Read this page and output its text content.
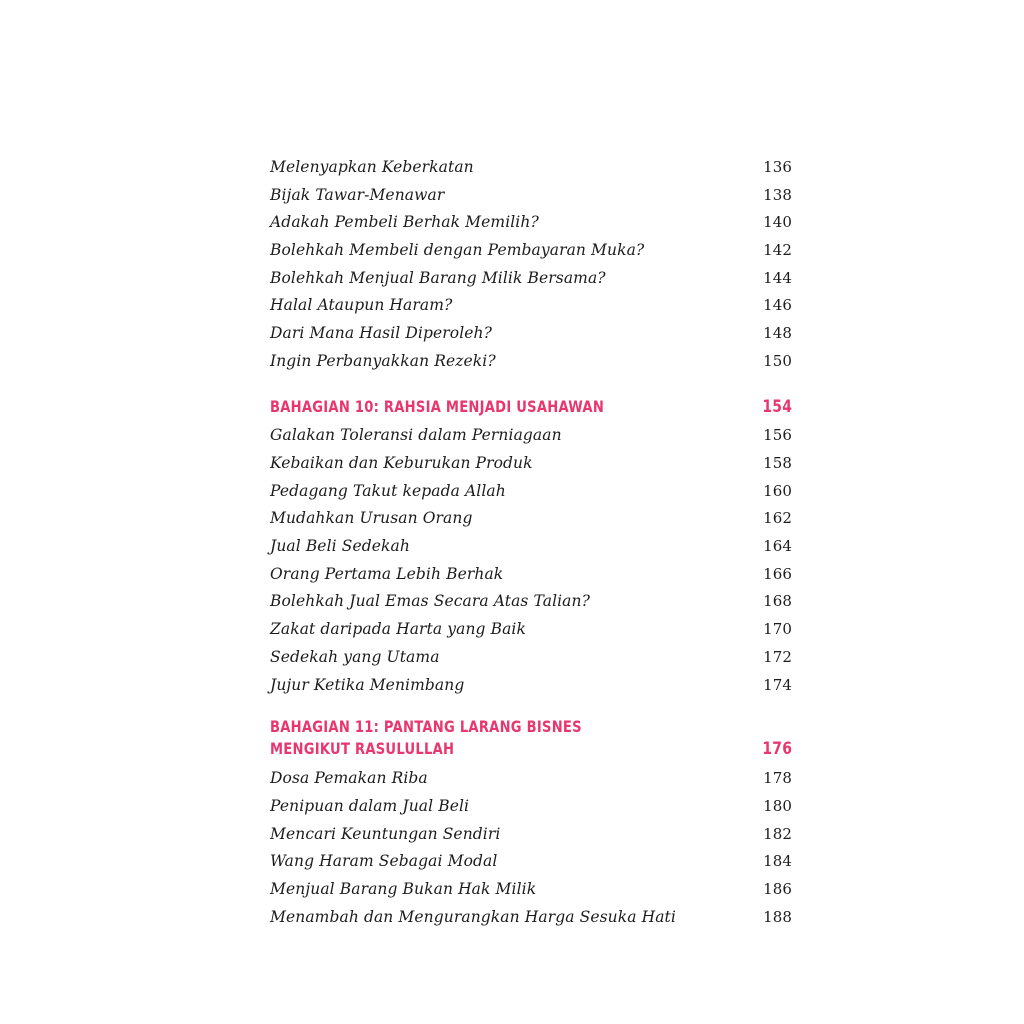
Melenyapkan Keberkatan	136
Bijak Tawar-Menawar	138
Adakah Pembeli Berhak Memilih?	140
Bolehkah Membeli dengan Pembayaran Muka?	142
Bolehkah Menjual Barang Milik Bersama?	144
Halal Ataupun Haram?	146
Dari Mana Hasil Diperoleh?	148
Ingin Perbanyakkan Rezeki?	150
BAHAGIAN 10: RAHSIA MENJADI USAHAWAN	154
Galakan Toleransi dalam Perniagaan	156
Kebaikan dan Keburukan Produk	158
Pedagang Takut kepada Allah	160
Mudahkan Urusan Orang	162
Jual Beli Sedekah	164
Orang Pertama Lebih Berhak	166
Bolehkah Jual Emas Secara Atas Talian?	168
Zakat daripada Harta yang Baik	170
Sedekah yang Utama	172
Jujur Ketika Menimbang	174
BAHAGIAN 11: PANTANG LARANG BISNES
MENGIKUT RASULULLAH	176
Dosa Pemakan Riba	178
Penipuan dalam Jual Beli	180
Mencari Keuntungan Sendiri	182
Wang Haram Sebagai Modal	184
Menjual Barang Bukan Hak Milik	186
Menambah dan Mengurangkan Harga Sesuka Hati	188
